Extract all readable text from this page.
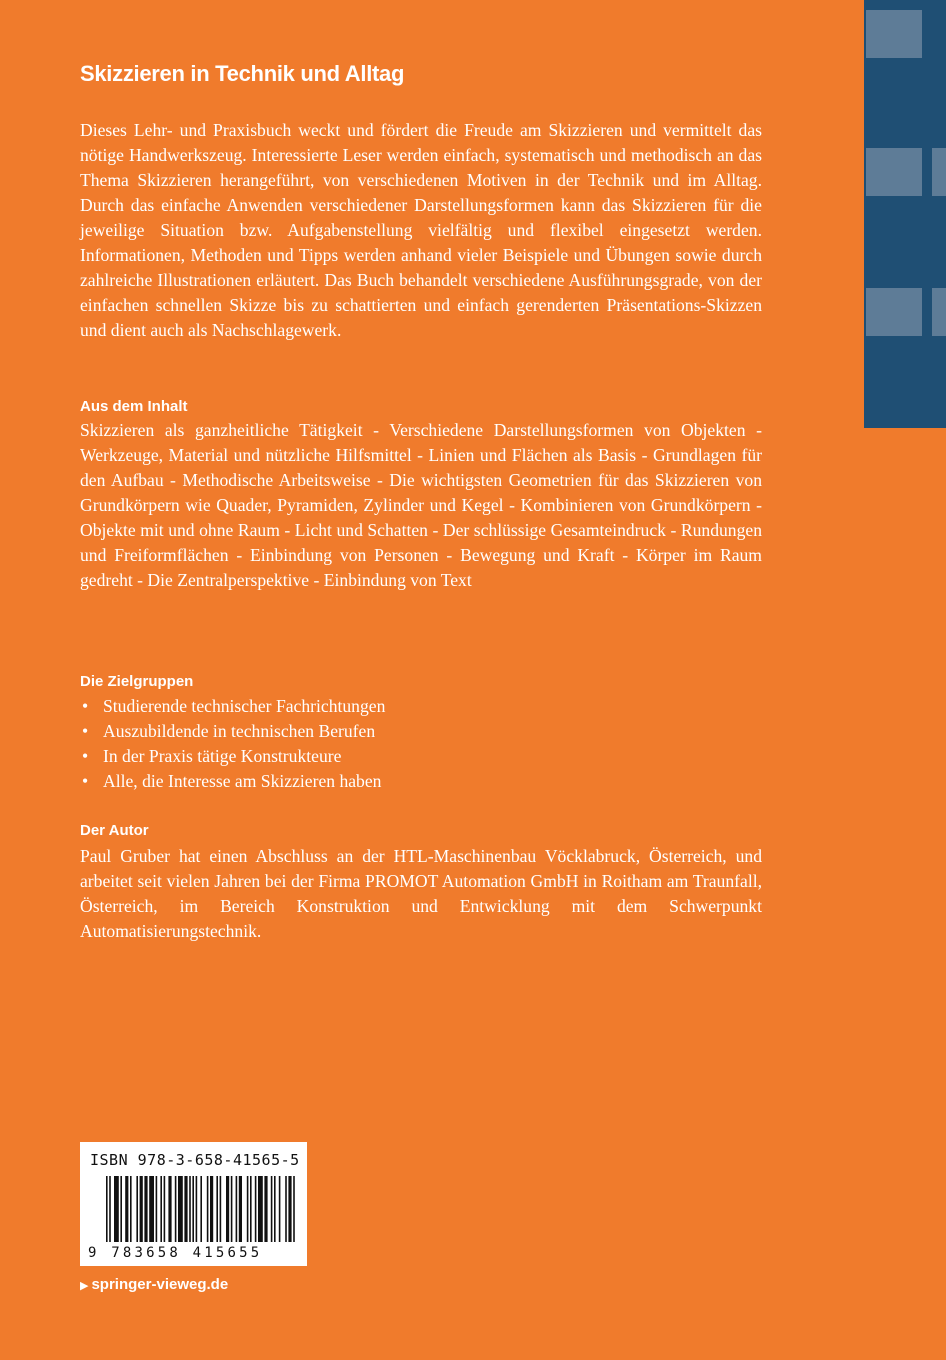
Skizzieren in Technik und Alltag

Dieses Lehr- und Praxisbuch weckt und fördert die Freude am Skizzieren und vermittelt das nötige Handwerkszeug. Interessierte Leser werden einfach, systematisch und methodisch an das Thema Skizzieren herangeführt, von verschiedenen Motiven in der Technik und im Alltag. Durch das einfache Anwenden verschiedener Darstellungsformen kann das Skizzieren für die jeweilige Situation bzw. Aufgabenstellung vielfältig und flexibel eingesetzt werden. Informationen, Methoden und Tipps werden anhand vieler Beispiele und Übungen sowie durch zahlreiche Illustrationen erläutert. Das Buch behandelt verschiedene Ausführungsgrade, von der einfachen schnellen Skizze bis zu schattierten und einfach gerenderten Präsentations-Skizzen und dient auch als Nachschlagewerk.

Aus dem Inhalt

Skizzieren als ganzheitliche Tätigkeit - Verschiedene Darstellungsformen von Objekten - Werkzeuge, Material und nützliche Hilfsmittel - Linien und Flächen als Basis - Grundlagen für den Aufbau - Methodische Arbeitsweise - Die wichtigsten Geometrien für das Skizzieren von Grundkörpern wie Quader, Pyramiden, Zylinder und Kegel - Kombinieren von Grundkörpern - Objekte mit und ohne Raum - Licht und Schatten - Der schlüssige Gesamteindruck - Rundungen und Freiformflächen - Einbindung von Personen - Bewegung und Kraft - Körper im Raum gedreht - Die Zentralperspektive - Einbindung von Text

Die Zielgruppen
• Studierende technischer Fachrichtungen
• Auszubildende in technischen Berufen
• In der Praxis tätige Konstrukteure
• Alle, die Interesse am Skizzieren haben
Der Autor

Paul Gruber hat einen Abschluss an der HTL-Maschinenbau Vöcklabruck, Österreich, und arbeitet seit vielen Jahren bei der Firma PROMOT Automation GmbH in Roitham am Traunfall, Österreich, im Bereich Konstruktion und Entwicklung mit dem Schwerpunkt Automatisierungstechnik.

ISBN 978-3-658-41565-5
9 783658 415655
▶ springer-vieweg.de
